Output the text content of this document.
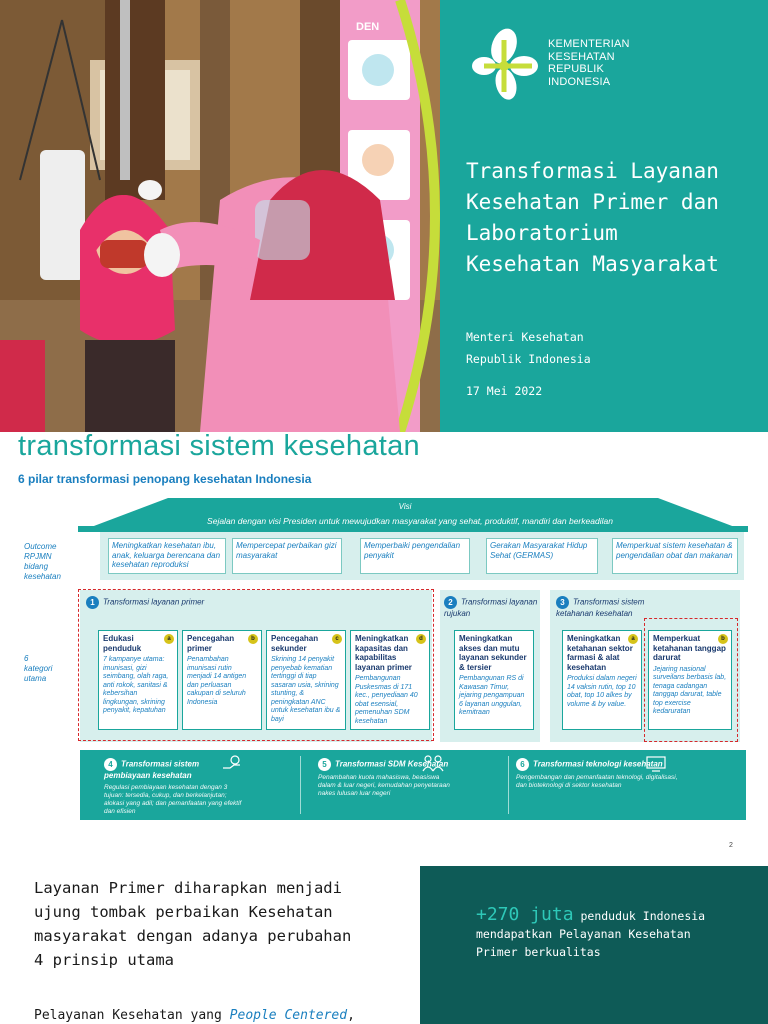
DEN
KEMENTERIAN
KESEHATAN
REPUBLIK
INDONESIA
Transformasi Layanan
Kesehatan Primer dan
Laboratorium
Kesehatan Masyarakat
Menteri Kesehatan
Republik Indonesia
17 Mei 2022
transformasi sistem kesehatan
6 pilar transformasi penopang kesehatan Indonesia
Visi
Sejalan dengan visi Presiden untuk mewujudkan masyarakat yang sehat, produktif, mandiri dan berkeadilan
Outcome
RPJMN
bidang
kesehatan
6
kategori
utama
Meningkatkan kesehatan ibu, anak, keluarga berencana dan kesehatan reproduksi
Mempercepat perbaikan gizi masyarakat
Memperbaiki pengendalian penyakit
Gerakan Masyarakat Hidup Sehat (GERMAS)
Memperkuat sistem kesehatan & pengendalian obat dan makanan
1 Transformasi layanan primer	2 Transformasi layanan rujukan
3 Transformasi sistem ketahanan kesehatan
a
Edukasi penduduk
7 kampanye utama: imunisasi, gizi seimbang, olah raga, anti rokok, sanitasi & kebersihan lingkungan, skrining penyakit, kepatuhan
b
Pencegahan primer
Penambahan imunisasi rutin menjadi 14 antigen dan perluasan cakupan di seluruh Indonesia
c
Pencegahan sekunder
Skrining 14 penyakit penyebab kematian tertinggi di tiap sasaran usia, skrining stunting, & peningkatan ANC untuk kesehatan ibu & bayi
d
Meningkatkan kapasitas dan kapabilitas layanan primer
Pembangunan Puskesmas di 171 kec., penyediaan 40 obat esensial, pemenuhan SDM kesehatan
Meningkatkan akses dan mutu layanan sekunder & tersier
Pembangunan RS di Kawasan Timur, jejaring pengampuan 6 layanan unggulan, kemitraan
a
Meningkatkan ketahanan sektor farmasi & alat kesehatan
Produksi dalam negeri 14 vaksin rutin, top 10 obat, top 10 alkes by volume & by value.
b
Memperkuat ketahanan tanggap darurat
Jejaring nasional surveilans berbasis lab, tenaga cadangan tanggap darurat, table top exercise kedaruratan
4 Transformasi sistem pembiayaan kesehatan
Regulasi pembiayaan kesehatan dengan 3 tujuan: tersedia, cukup, dan berkelanjutan; alokasi yang adil; dan pemanfaatan yang efektif dan efisien
5 Transformasi SDM Kesehatan
Penambahan kuota mahasiswa, beasiswa dalam & luar negeri, kemudahan penyetaraan nakes lulusan luar negeri
6 Transformasi teknologi kesehatan
Pengembangan dan pemanfaatan teknologi, digitalisasi, dan bioteknologi di sektor kesehatan
2
Layanan Primer diharapkan menjadi
ujung tombak perbaikan Kesehatan
masyarakat dengan adanya perubahan
4 prinsip utama
+270 juta penduduk Indonesia
mendapatkan Pelayanan Kesehatan
Primer berkualitas
Pelayanan Kesehatan yang People Centered,
